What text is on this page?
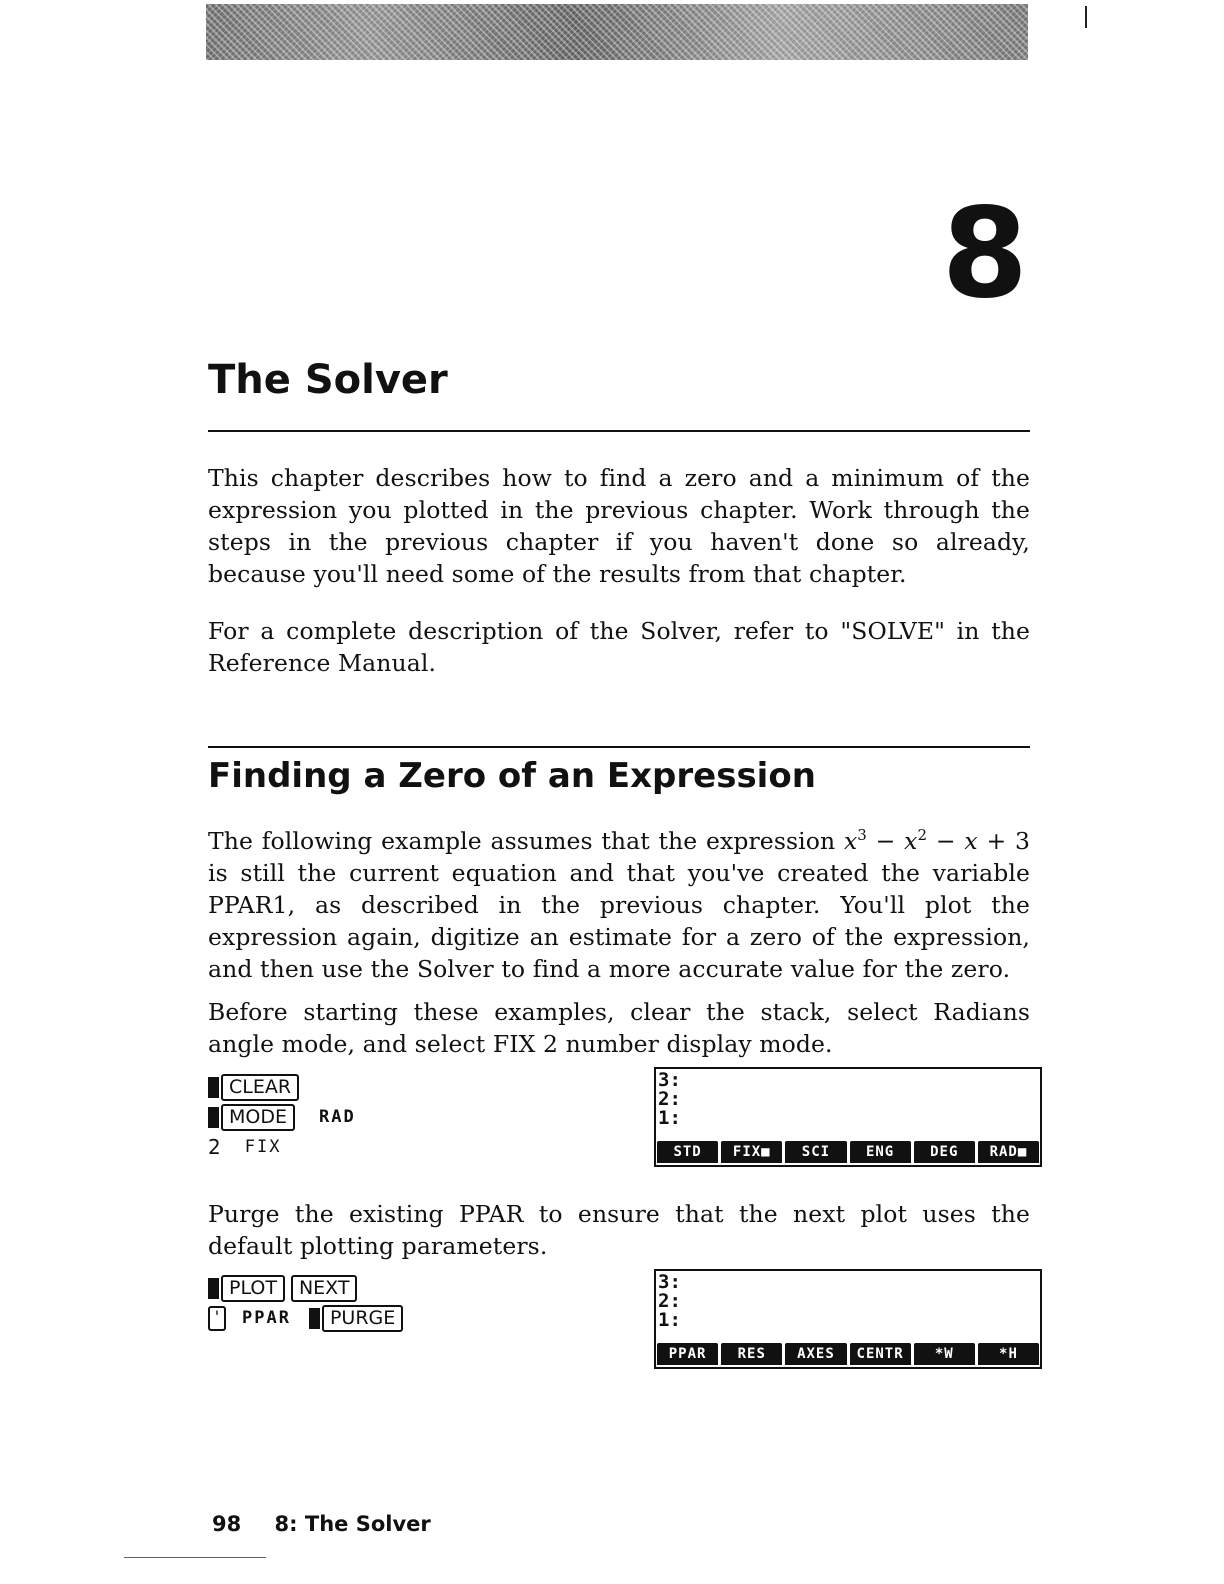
8
The Solver
This chapter describes how to find a zero and a minimum of the expression you plotted in the previous chapter. Work through the steps in the previous chapter if you haven't done so already, because you'll need some of the results from that chapter.
For a complete description of the Solver, refer to "SOLVE" in the Reference Manual.
Finding a Zero of an Expression
The following example assumes that the expression $x^3 - x^2 - x + 3$ is still the current equation and that you've created the variable PPAR1, as described in the previous chapter. You'll plot the expression again, digitize an estimate for a zero of the expression, and then use the Solver to find a more accurate value for the zero.
Before starting these examples, clear the stack, select Radians angle mode, and select FIX 2 number display mode.
CLEAR
MODE	RAD
2 FIX
3:
2:
1:
STD	FIX■	SCI	ENG	DEG	RAD■
Purge the existing PPAR to ensure that the next plot uses the default plotting parameters.
PLOT	NEXT
'	PPAR	PURGE
3:
2:
1:
PPAR	RES	AXES	CENTR	*W	*H
98 8: The Solver
